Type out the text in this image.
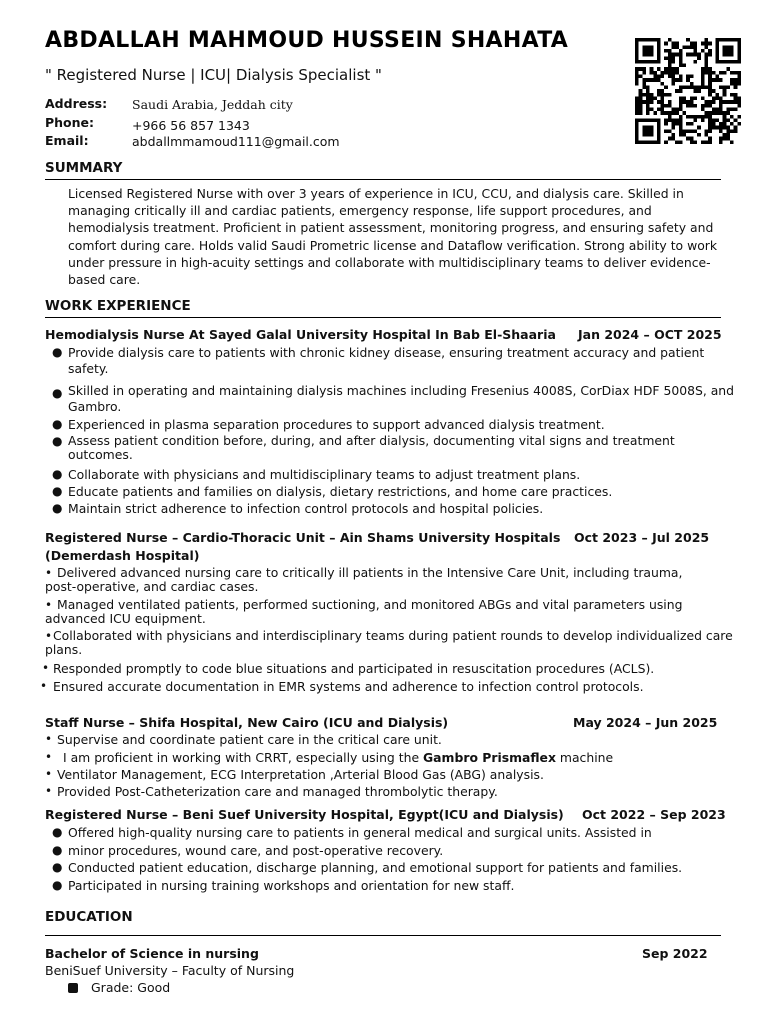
ABDALLAH MAHMOUD HUSSEIN SHAHATA
" Registered Nurse | ICU| Dialysis Specialist "
Address: Saudi Arabia, Jeddah city
Phone:	+966 56 857 1343
Email:	abdallmmamoud111@gmail.com
SUMMARY
Licensed Registered Nurse with over 3 years of experience in ICU, CCU, and dialysis care. Skilled in
managing critically ill and cardiac patients, emergency response, life support procedures, and
hemodialysis treatment. Proficient in patient assessment, monitoring progress, and ensuring safety and
comfort during care. Holds valid Saudi Prometric license and Dataflow verification. Strong ability to work
under pressure in high-acuity settings and collaborate with multidisciplinary teams to deliver evidence-
based care.
WORK EXPERIENCE
Hemodialysis Nurse At Sayed Galal University Hospital In Bab El-Shaaria Jan 2024 – OCT 2025
● Provide dialysis care to patients with chronic kidney disease, ensuring treatment accuracy and patient
safety.
● Skilled in operating and maintaining dialysis machines including Fresenius 4008S, CorDiax HDF 5008S, and
Gambro.
● Experienced in plasma separation procedures to support advanced dialysis treatment.
● Assess patient condition before, during, and after dialysis, documenting vital signs and treatment
outcomes.
● Collaborate with physicians and multidisciplinary teams to adjust treatment plans.
● Educate patients and families on dialysis, dietary restrictions, and home care practices.
● Maintain strict adherence to infection control protocols and hospital policies.
Registered Nurse – Cardio-Thoracic Unit – Ain Shams University Hospitals
(Demerdash Hospital)
Oct 2023 – Jul 2025
• Delivered advanced nursing care to critically ill patients in the Intensive Care Unit, including trauma,
post-operative, and cardiac cases.
• Managed ventilated patients, performed suctioning, and monitored ABGs and vital parameters using
advanced ICU equipment.
• Collaborated with physicians and interdisciplinary teams during patient rounds to develop individualized care
plans.
• Responded promptly to code blue situations and participated in resuscitation procedures (ACLS).
• Ensured accurate documentation in EMR systems and adherence to infection control protocols.
Staff Nurse – Shifa Hospital, New Cairo (ICU and Dialysis)	May 2024 – Jun 2025
• Supervise and coordinate patient care in the critical care unit.
• I am proficient in working with CRRT, especially using the Gambro Prismaflex machine
• Ventilator Management, ECG Interpretation ,Arterial Blood Gas (ABG) analysis.
• Provided Post-Catheterization care and managed thrombolytic therapy.
Registered Nurse – Beni Suef University Hospital, Egypt(ICU and Dialysis) Oct 2022 – Sep 2023
● Offered high-quality nursing care to patients in general medical and surgical units. Assisted in
● minor procedures, wound care, and post-operative recovery.
● Conducted patient education, discharge planning, and emotional support for patients and families.
● Participated in nursing training workshops and orientation for new staff.
EDUCATION
Bachelor of Science in nursing	Sep 2022
BeniSuef University – Faculty of Nursing
Grade: Good
